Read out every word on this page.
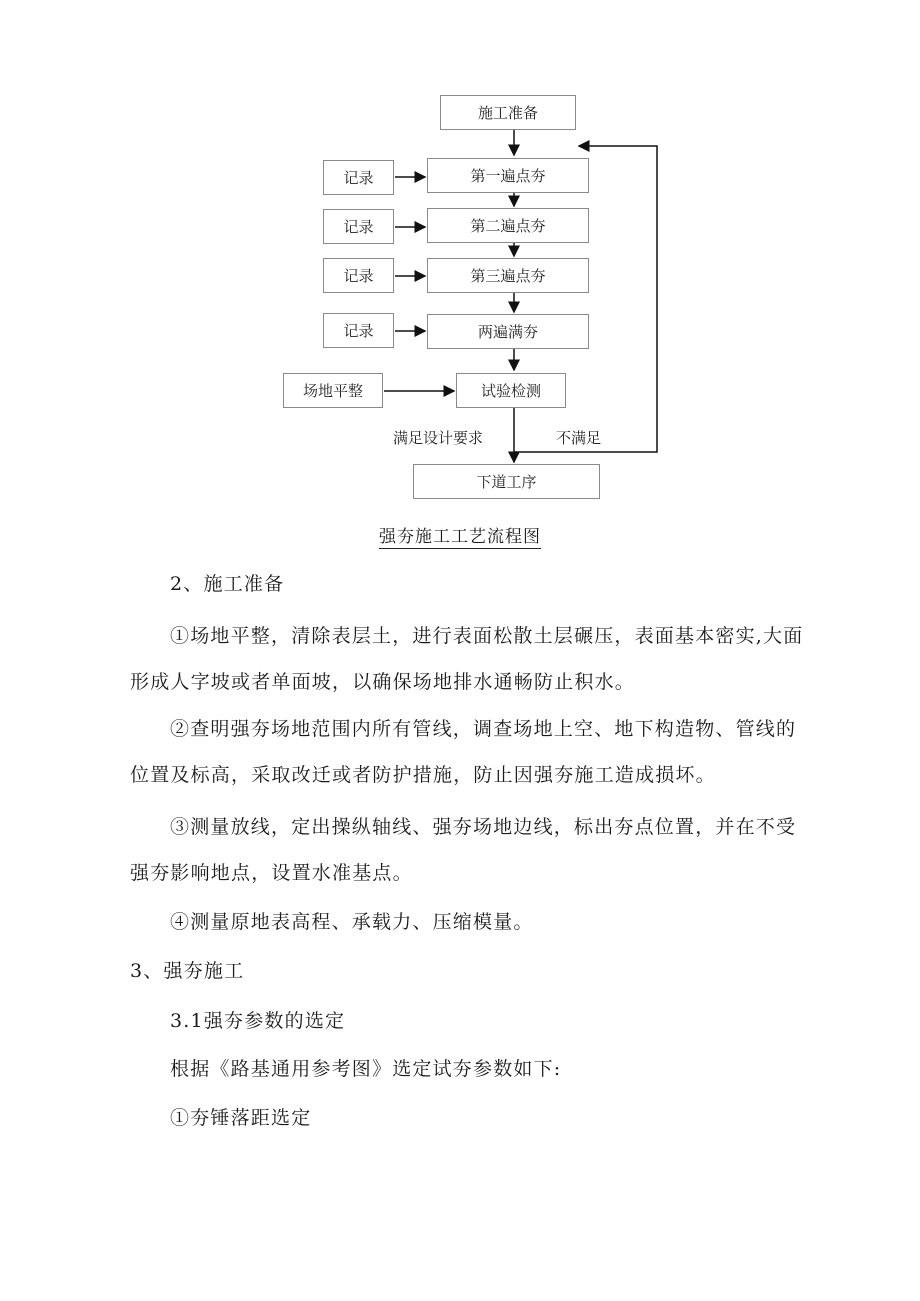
施工准备
第一遍点夯
第二遍点夯
第三遍点夯
两遍满夯
记录
记录
记录
记录
场地平整	试验检测
下道工序
满足设计要求	不满足
强夯施工工艺流程图
2、施工准备
①场地平整，清除表层土，进行表面松散土层碾压，表面基本密实,大面
形成人字坡或者单面坡，以确保场地排水通畅防止积水。
②查明强夯场地范围内所有管线，调查场地上空、地下构造物、管线的
位置及标高，采取改迁或者防护措施，防止因强夯施工造成损坏。
③测量放线，定出操纵轴线、强夯场地边线，标出夯点位置，并在不受
强夯影响地点，设置水准基点。
④测量原地表高程、承载力、压缩模量。
3、强夯施工
3.1强夯参数的选定
根据《路基通用参考图》选定试夯参数如下:
①夯锤落距选定
